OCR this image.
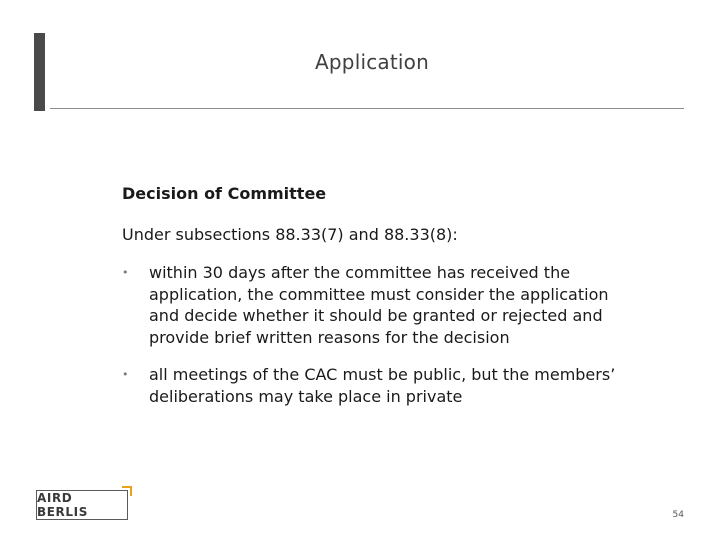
Application

Decision of Committee

Under subsections 88.33(7) and 88.33(8):

• within 30 days after the committee has received the application, the committee must consider the application and decide whether it should be granted or rejected and provide brief written reasons for the decision
• all meetings of the CAC must be public, but the members’ deliberations may take place in private
AIRD BERLIS	54
